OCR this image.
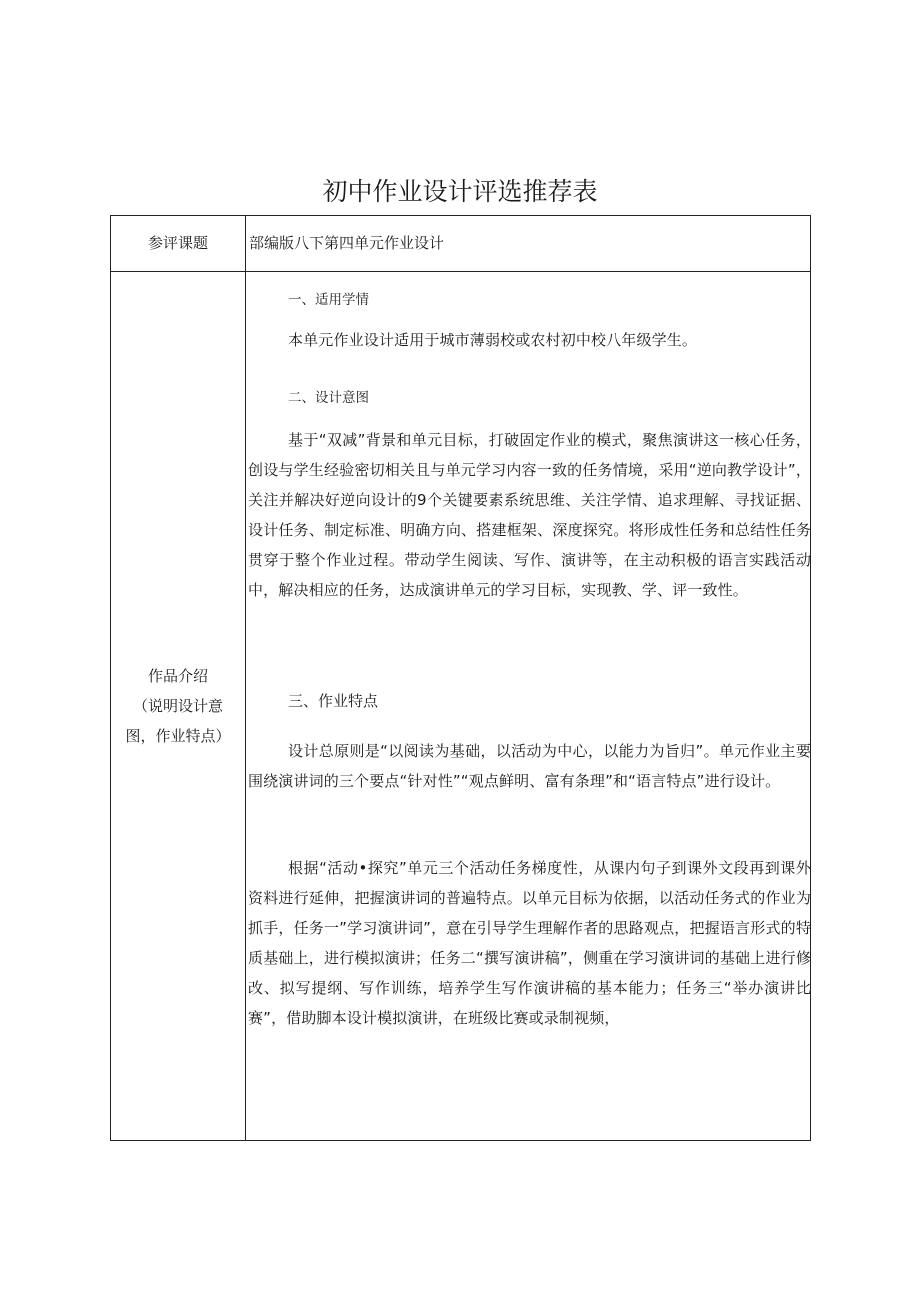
初中作业设计评选推荐表
参评课题	部编版八下第四单元作业设计
作品介绍
（说明设计意
图，作业特点）
一、适用学情
本单元作业设计适用于城市薄弱校或农村初中校八年级学生。
二、设计意图
基于“双减”背景和单元目标，打破固定作业的模式，聚焦演讲这一核心任务，创设与学生经验密切相关且与单元学习内容一致的任务情境，采用“逆向教学设计”，关注并解决好逆向设计的9个关键要素系统思维、关注学情、追求理解、寻找证据、设计任务、制定标准、明确方向、搭建框架、深度探究。将形成性任务和总结性任务贯穿于整个作业过程。带动学生阅读、写作、演讲等，在主动积极的语言实践活动中，解决相应的任务，达成演讲单元的学习目标，实现教、学、评一致性。
三、作业特点
设计总原则是“以阅读为基础，以活动为中心，以能力为旨归”。单元作业主要围绕演讲词的三个要点“针对性”“观点鲜明、富有条理”和“语言特点”进行设计。
根据“活动•探究”单元三个活动任务梯度性，从课内句子到课外文段再到课外资料进行延伸，把握演讲词的普遍特点。以单元目标为依据，以活动任务式的作业为抓手，任务一”学习演讲词”，意在引导学生理解作者的思路观点，把握语言形式的特质基础上，进行模拟演讲；任务二“撰写演讲稿”，侧重在学习演讲词的基础上进行修改、拟写提纲、写作训练，培养学生写作演讲稿的基本能力；任务三“举办演讲比赛”，借助脚本设计模拟演讲，在班级比赛或录制视频，
